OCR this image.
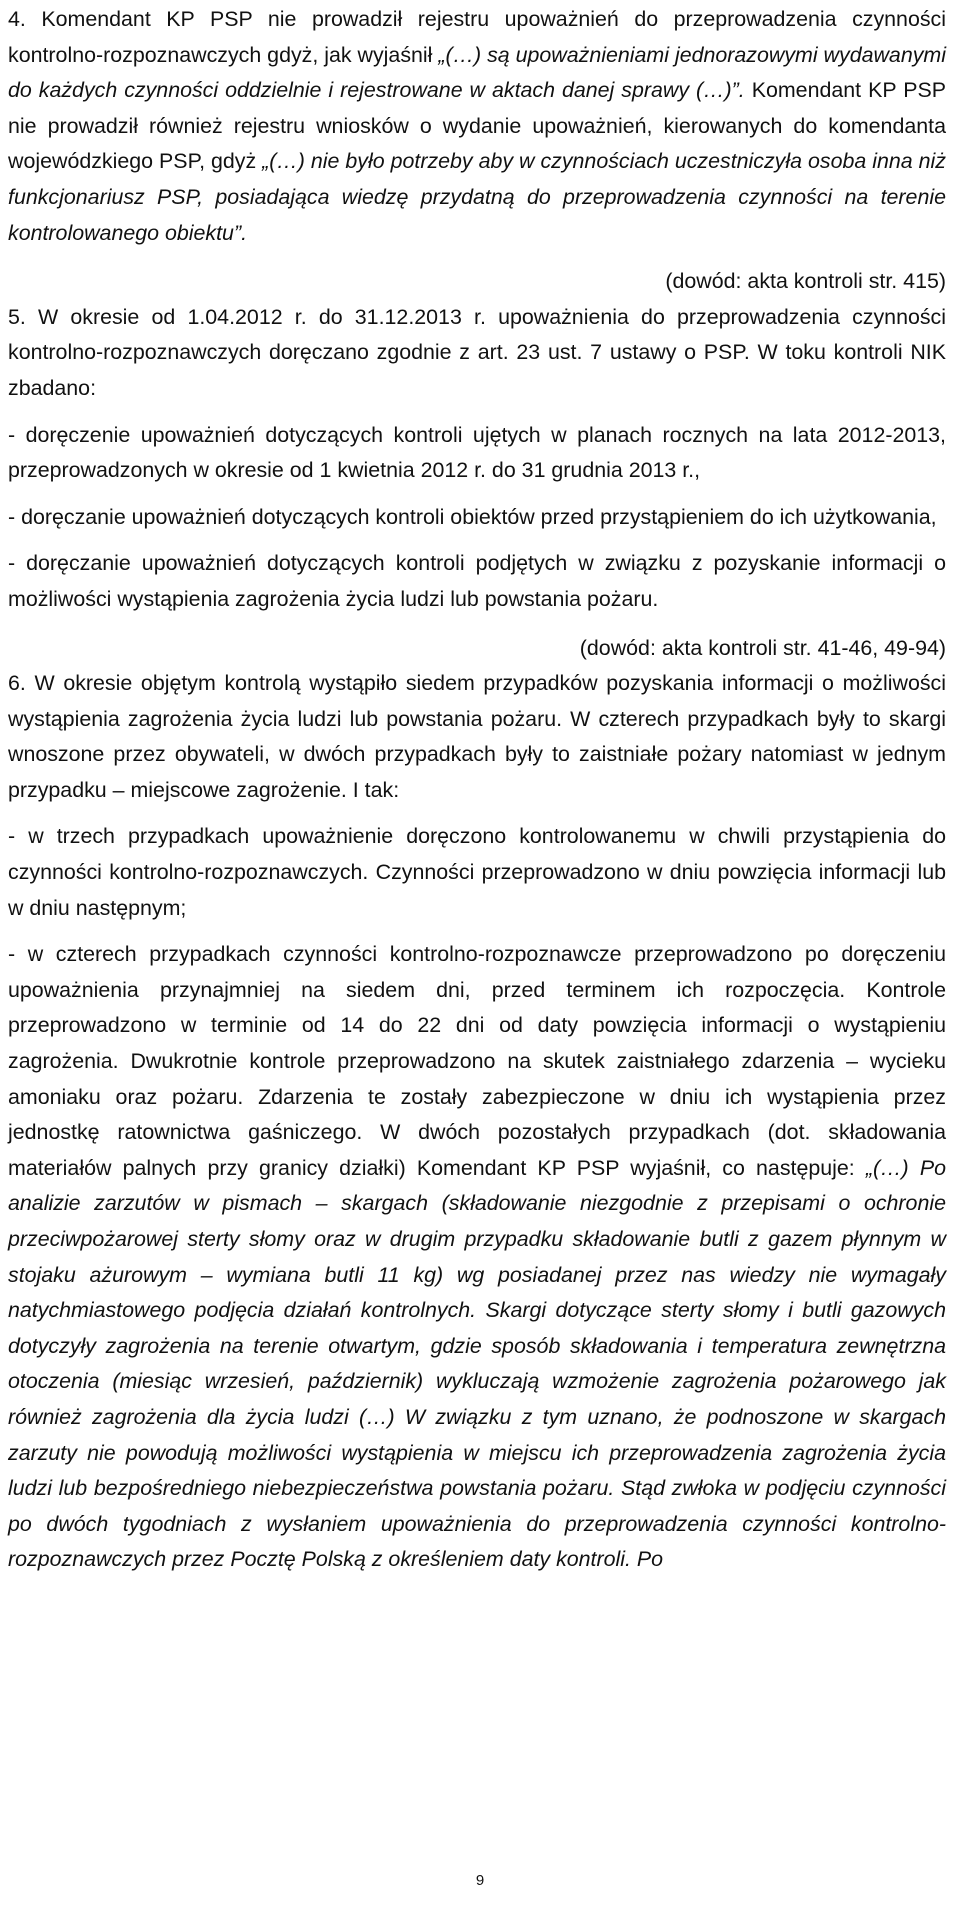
4. Komendant KP PSP nie prowadził rejestru upoważnień do przeprowadzenia czynności kontrolno-rozpoznawczych gdyż, jak wyjaśnił „(…) są upoważnieniami jednorazowymi wydawanymi do każdych czynności oddzielnie i rejestrowane w aktach danej sprawy (…)”. Komendant KP PSP nie prowadził również rejestru wniosków o wydanie upoważnień, kierowanych do komendanta wojewódzkiego PSP, gdyż „(…) nie było potrzeby aby w czynnościach uczestniczyła osoba inna niż funkcjonariusz PSP, posiadająca wiedzę przydatną do przeprowadzenia czynności na terenie kontrolowanego obiektu”.

(dowód: akta kontroli str. 415)

5. W okresie od 1.04.2012 r. do 31.12.2013 r. upoważnienia do przeprowadzenia czynności kontrolno-rozpoznawczych doręczano zgodnie z art. 23 ust. 7 ustawy o PSP. W toku kontroli NIK zbadano:

- doręczenie upoważnień dotyczących kontroli ujętych w planach rocznych na lata 2012-2013, przeprowadzonych w okresie od 1 kwietnia 2012 r. do 31 grudnia 2013 r.,

- doręczanie upoważnień dotyczących kontroli obiektów przed przystąpieniem do ich użytkowania,

- doręczanie upoważnień dotyczących kontroli podjętych w związku z pozyskanie informacji o możliwości wystąpienia zagrożenia życia ludzi lub powstania pożaru.

(dowód: akta kontroli str. 41-46, 49-94)

6. W okresie objętym kontrolą wystąpiło siedem przypadków pozyskania informacji o możliwości wystąpienia zagrożenia życia ludzi lub powstania pożaru. W czterech przypadkach były to skargi wnoszone przez obywateli, w dwóch przypadkach były to zaistniałe pożary natomiast w jednym przypadku – miejscowe zagrożenie. I tak:

- w trzech przypadkach upoważnienie doręczono kontrolowanemu w chwili przystąpienia do czynności kontrolno-rozpoznawczych. Czynności przeprowadzono w dniu powzięcia informacji lub w dniu następnym;

- w czterech przypadkach czynności kontrolno-rozpoznawcze przeprowadzono po doręczeniu upoważnienia przynajmniej na siedem dni, przed terminem ich rozpoczęcia. Kontrole przeprowadzono w terminie od 14 do 22 dni od daty powzięcia informacji o wystąpieniu zagrożenia. Dwukrotnie kontrole przeprowadzono na skutek zaistniałego zdarzenia – wycieku amoniaku oraz pożaru. Zdarzenia te zostały zabezpieczone w dniu ich wystąpienia przez jednostkę ratownictwa gaśniczego. W dwóch pozostałych przypadkach (dot. składowania materiałów palnych przy granicy działki) Komendant KP PSP wyjaśnił, co następuje: „(…) Po analizie zarzutów w pismach – skargach (składowanie niezgodnie z przepisami o ochronie przeciwpożarowej sterty słomy oraz w drugim przypadku składowanie butli z gazem płynnym w stojaku ażurowym – wymiana butli 11 kg) wg posiadanej przez nas wiedzy nie wymagały natychmiastowego podjęcia działań kontrolnych. Skargi dotyczące sterty słomy i butli gazowych dotyczyły zagrożenia na terenie otwartym, gdzie sposób składowania i temperatura zewnętrzna otoczenia (miesiąc wrzesień, październik) wykluczają wzmożenie zagrożenia pożarowego jak również zagrożenia dla życia ludzi (…) W związku z tym uznano, że podnoszone w skargach zarzuty nie powodują możliwości wystąpienia w miejscu ich przeprowadzenia zagrożenia życia ludzi lub bezpośredniego niebezpieczeństwa powstania pożaru. Stąd zwłoka w podjęciu czynności po dwóch tygodniach z wysłaniem upoważnienia do przeprowadzenia czynności kontrolno-rozpoznawczych przez Pocztę Polską z określeniem daty kontroli. Po

9
